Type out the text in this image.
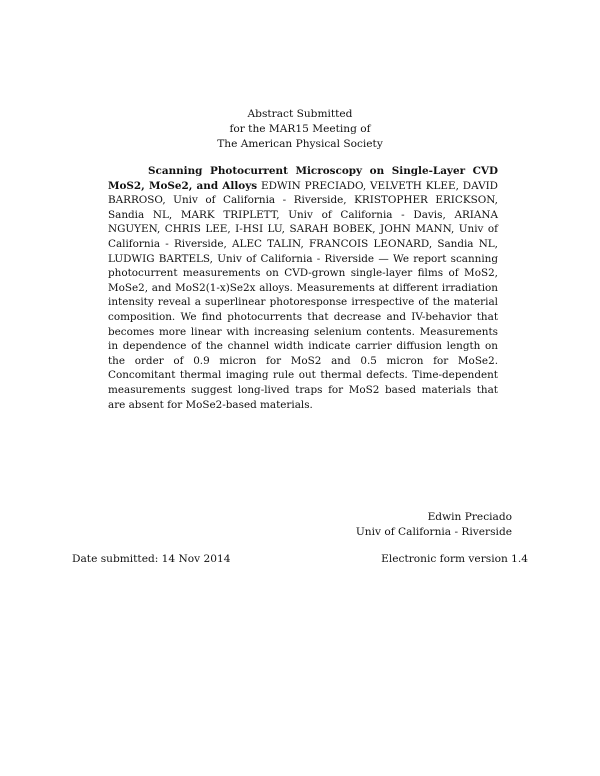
Abstract Submitted
for the MAR15 Meeting of
The American Physical Society
Scanning Photocurrent Microscopy on Single-Layer CVD MoS2, MoSe2, and Alloys EDWIN PRECIADO, VELVETH KLEE, DAVID BARROSO, Univ of California - Riverside, KRISTOPHER ERICKSON, Sandia NL, MARK TRIPLETT, Univ of California - Davis, ARIANA NGUYEN, CHRIS LEE, I-HSI LU, SARAH BOBEK, JOHN MANN, Univ of California - Riverside, ALEC TALIN, FRANCOIS LEONARD, Sandia NL, LUDWIG BARTELS, Univ of California - Riverside — We report scanning photocurrent measurements on CVD-grown single-layer films of MoS2, MoSe2, and MoS2(1-x)Se2x alloys. Measurements at different irradiation intensity reveal a superlinear photoresponse irrespective of the material composition. We find photocurrents that decrease and IV-behavior that becomes more linear with increasing selenium contents. Measurements in dependence of the channel width indicate carrier diffusion length on the order of 0.9 micron for MoS2 and 0.5 micron for MoSe2. Concomitant thermal imaging rule out thermal defects. Time-dependent measurements suggest long-lived traps for MoS2 based materials that are absent for MoSe2-based materials.
Edwin Preciado
Univ of California - Riverside
Date submitted: 14 Nov 2014	Electronic form version 1.4
